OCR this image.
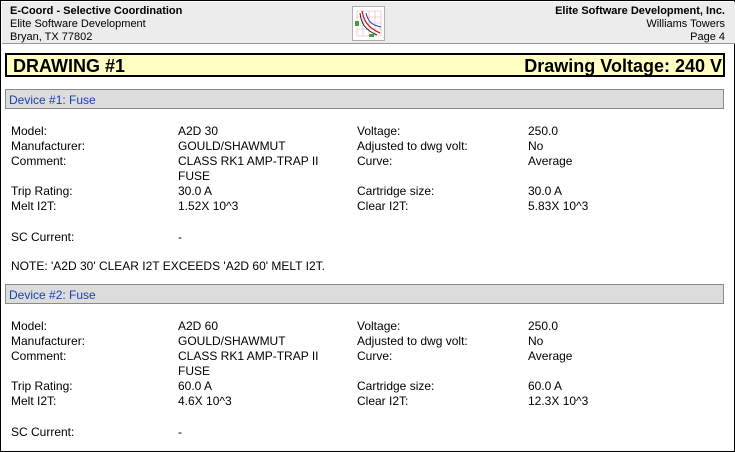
E-Coord - Selective Coordination
Elite Software Development
Bryan, TX 77802
Elite Software Development, Inc.
Williams Towers
Page 4
DRAWING #1	Drawing Voltage: 240 V
Device #1: Fuse
Model:	A2D 30	Voltage:	250.0
Manufacturer:	GOULD/SHAWMUT	Adjusted to dwg volt:	No
Comment:	CLASS RK1 AMP-TRAP II	Curve:	Average
FUSE
Trip Rating:	30.0 A	Cartridge size:	30.0 A
Melt I2T:	1.52X 10^3	Clear I2T:	5.83X 10^3
SC Current:	-
NOTE: 'A2D 30' CLEAR I2T EXCEEDS 'A2D 60' MELT I2T.
Device #2: Fuse
Model:	A2D 60	Voltage:	250.0
Manufacturer:	GOULD/SHAWMUT	Adjusted to dwg volt:	No
Comment:	CLASS RK1 AMP-TRAP II	Curve:	Average
FUSE
Trip Rating:	60.0 A	Cartridge size:	60.0 A
Melt I2T:	4.6X 10^3	Clear I2T:	12.3X 10^3
SC Current:	-
